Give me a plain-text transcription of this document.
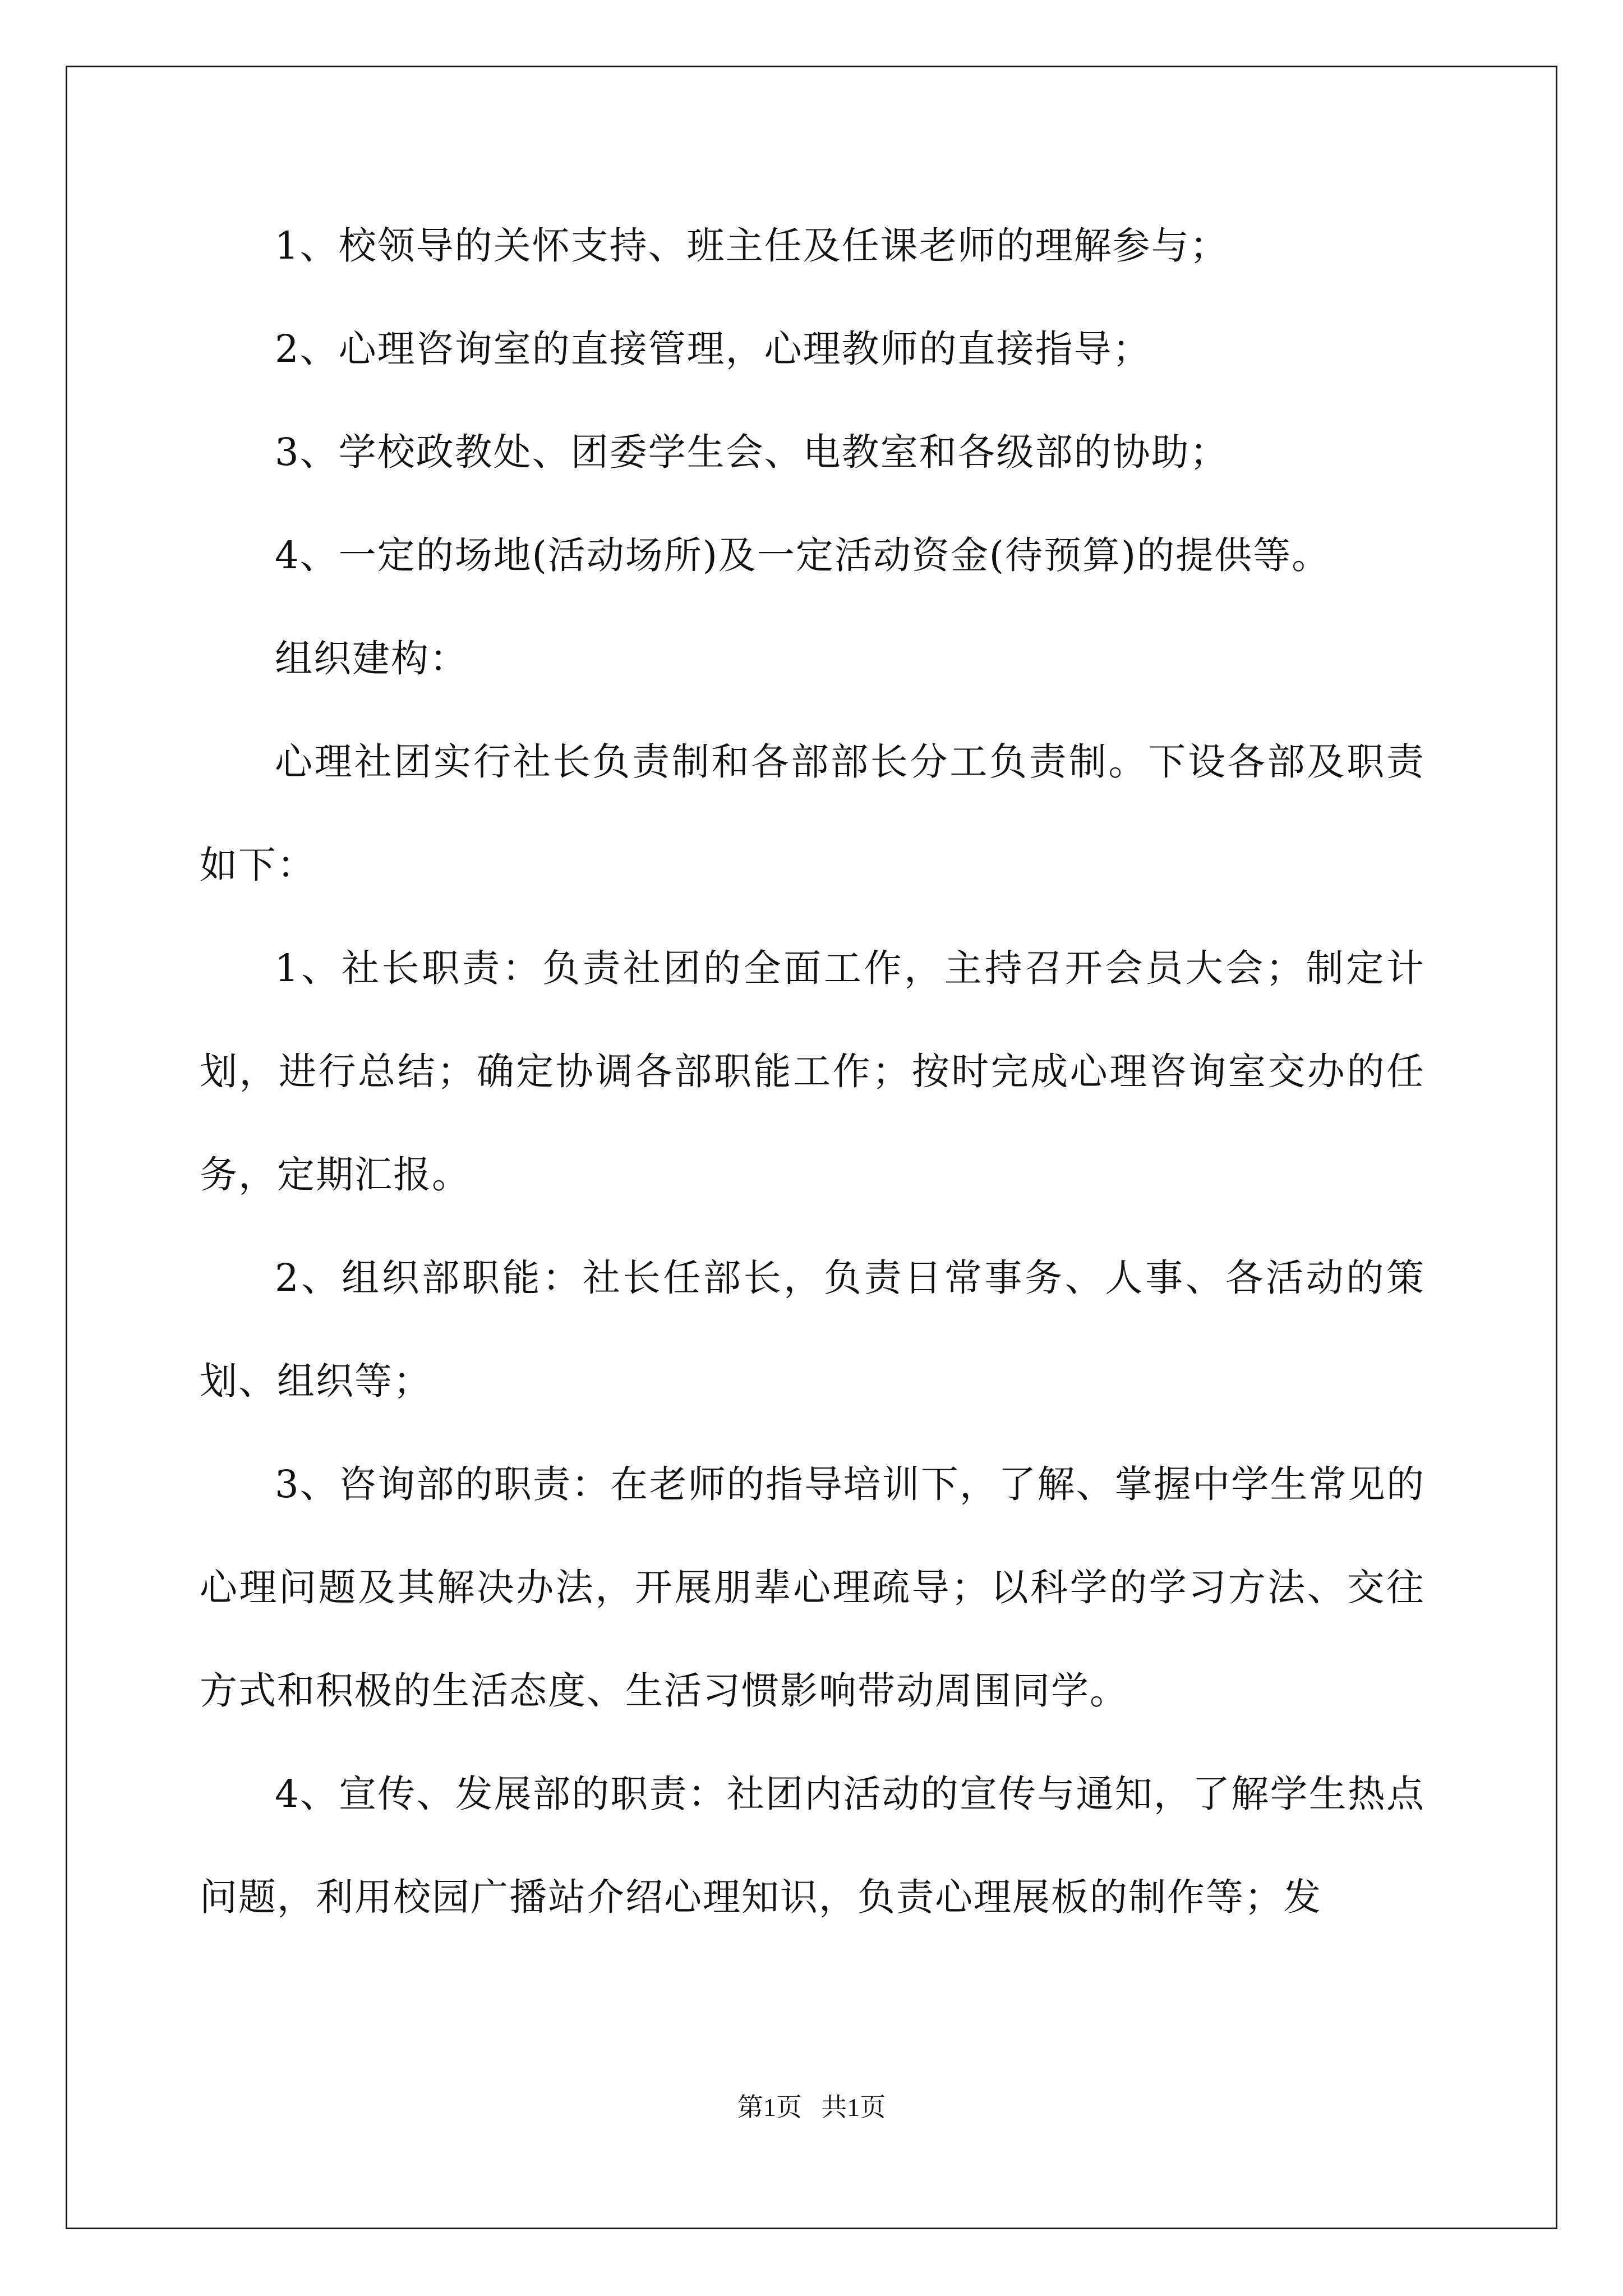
1、校领导的关怀支持、班主任及任课老师的理解参与；

2、心理咨询室的直接管理，心理教师的直接指导；

3、学校政教处、团委学生会、电教室和各级部的协助；

4、一定的场地(活动场所)及一定活动资金(待预算)的提供等。

组织建构：

心理社团实行社长负责制和各部部长分工负责制。下设各部及职责如下：

1、社长职责：负责社团的全面工作，主持召开会员大会；制定计划，进行总结；确定协调各部职能工作；按时完成心理咨询室交办的任务，定期汇报。

2、组织部职能：社长任部长，负责日常事务、人事、各活动的策划、组织等；

3、咨询部的职责：在老师的指导培训下，了解、掌握中学生常见的心理问题及其解决办法，开展朋辈心理疏导；以科学的学习方法、交往方式和积极的生活态度、生活习惯影响带动周围同学。

4、宣传、发展部的职责：社团内活动的宣传与通知，了解学生热点问题，利用校园广播站介绍心理知识，负责心理展板的制作等；发

第1页   共1页
